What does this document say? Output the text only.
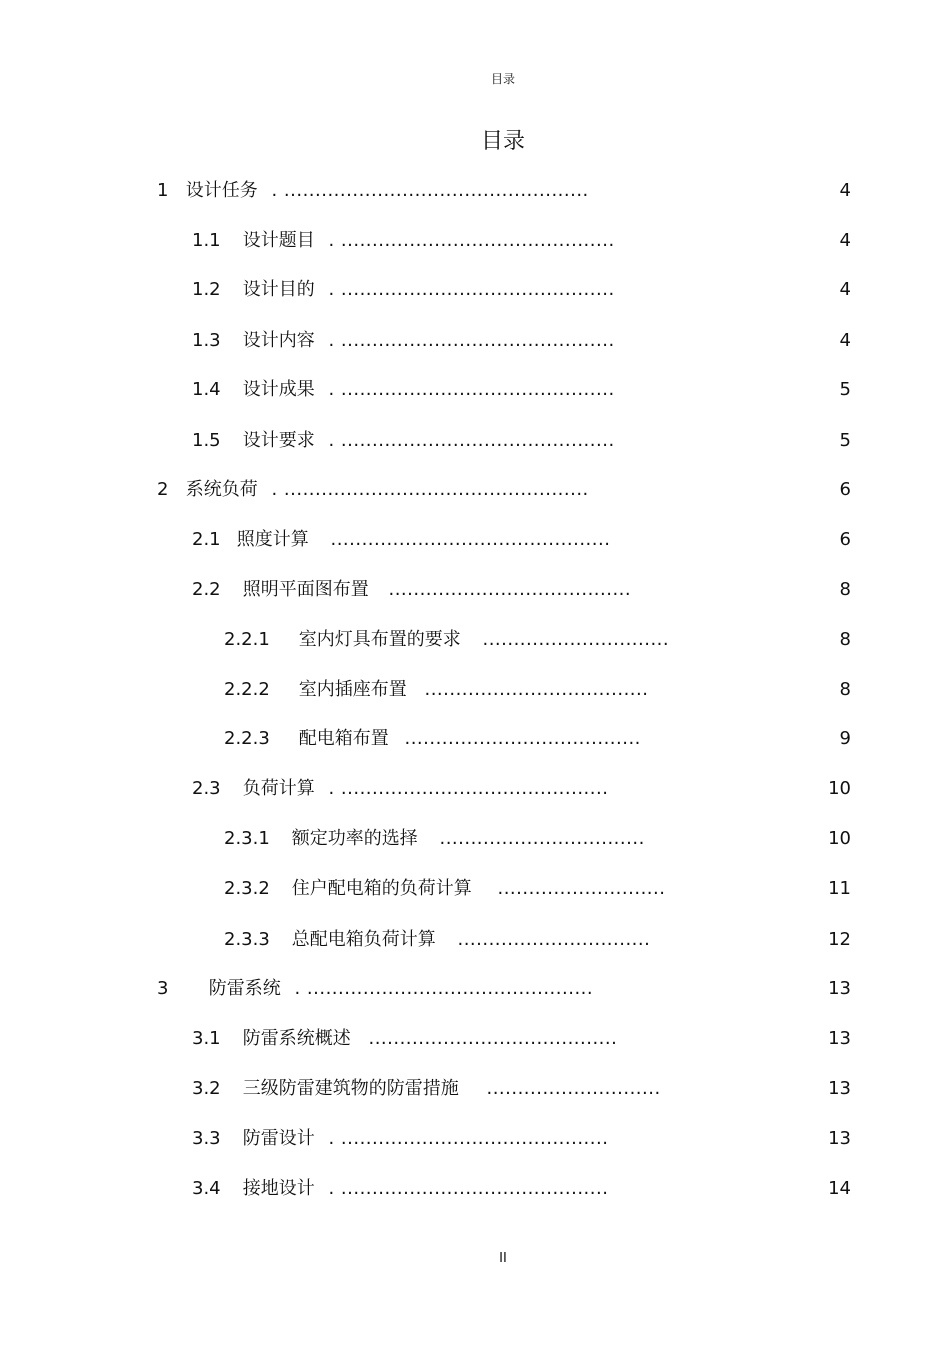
目录
目录
1 设计任务 . .................................................	4
1.1 设计题目 . ............................................	4
1.2 设计目的 . ............................................	4
1.3 设计内容 . ............................................	4
1.4 设计成果 . ............................................	5
1.5 设计要求 . ............................................	5
2 系统负荷 . .................................................	6
2.1 照度计算 .............................................	6
2.2 照明平面图布置 .......................................	8
2.2.1 室内灯具布置的要求 ..............................	8
2.2.2 室内插座布置 ....................................	8
2.2.3 配电箱布置 ......................................	9
2.3 负荷计算 . ...........................................	10
2.3.1 额定功率的选择 .................................	10
2.3.2 住户配电箱的负荷计算 ...........................	11
2.3.3 总配电箱负荷计算 ...............................	12
3 防雷系统 . ..............................................	13
3.1 防雷系统概述 ........................................	13
3.2 三级防雷建筑物的防雷措施 ............................	13
3.3 防雷设计 . ...........................................	13
3.4 接地设计 . ...........................................	14
II
